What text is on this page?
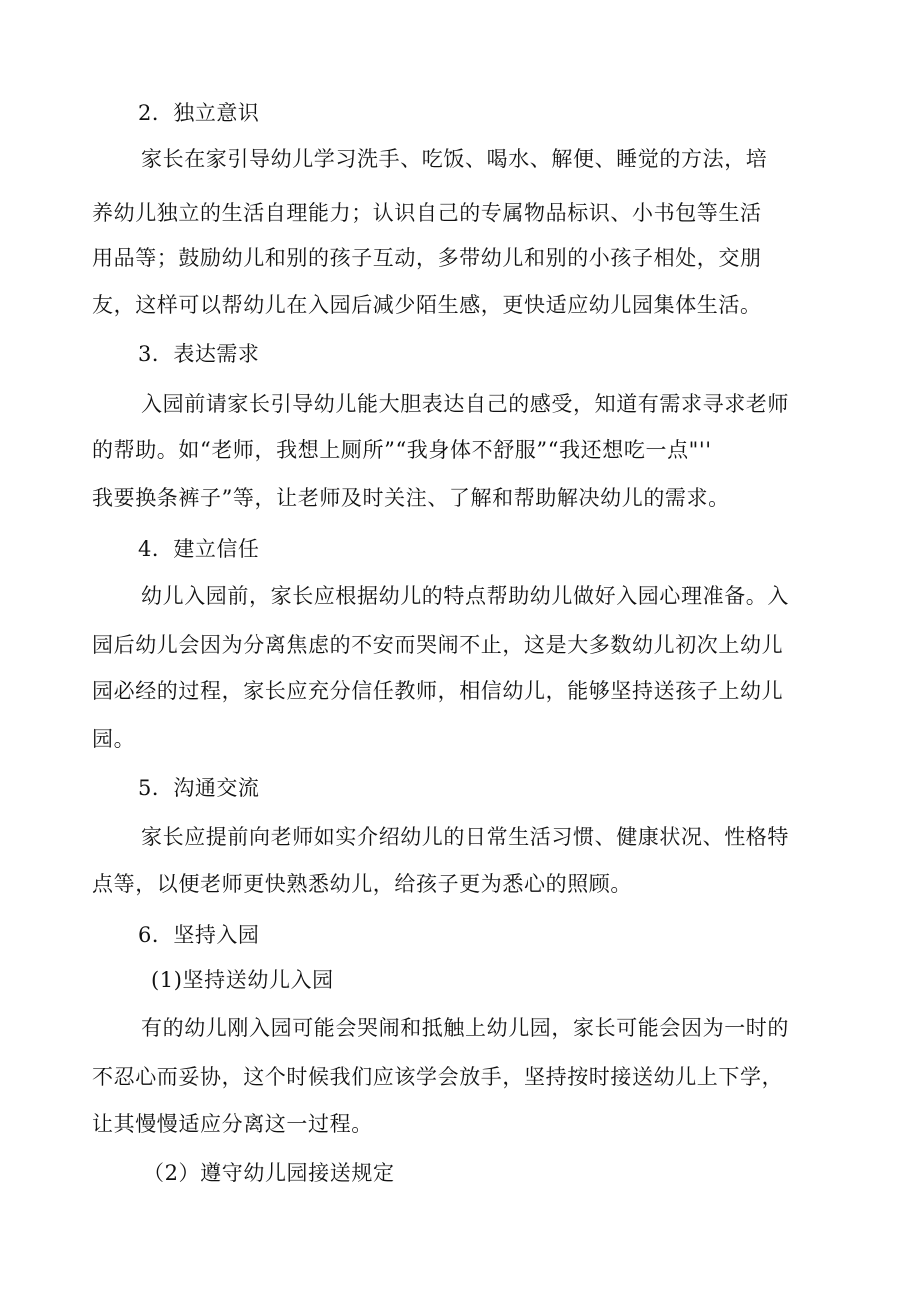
2．独立意识
家长在家引导幼儿学习洗手、吃饭、喝水、解便、睡觉的方法，培
养幼儿独立的生活自理能力；认识自己的专属物品标识、小书包等生活
用品等；鼓励幼儿和别的孩子互动，多带幼儿和别的小孩子相处，交朋
友，这样可以帮幼儿在入园后减少陌生感，更快适应幼儿园集体生活。
3．表达需求
入园前请家长引导幼儿能大胆表达自己的感受，知道有需求寻求老师
的帮助。如“老师，我想上厕所”“我身体不舒服”“我还想吃一点"''
我要换条裤子”等，让老师及时关注、了解和帮助解决幼儿的需求。
4．建立信任
幼儿入园前，家长应根据幼儿的特点帮助幼儿做好入园心理准备。入
园后幼儿会因为分离焦虑的不安而哭闹不止，这是大多数幼儿初次上幼儿
园必经的过程，家长应充分信任教师，相信幼儿，能够坚持送孩子上幼儿
园。
5．沟通交流
家长应提前向老师如实介绍幼儿的日常生活习惯、健康状况、性格特
点等，以便老师更快熟悉幼儿，给孩子更为悉心的照顾。
6．坚持入园
(1)坚持送幼儿入园
有的幼儿刚入园可能会哭闹和抵触上幼儿园，家长可能会因为一时的
不忍心而妥协，这个时候我们应该学会放手，坚持按时接送幼儿上下学，
让其慢慢适应分离这一过程。
（2）遵守幼儿园接送规定
